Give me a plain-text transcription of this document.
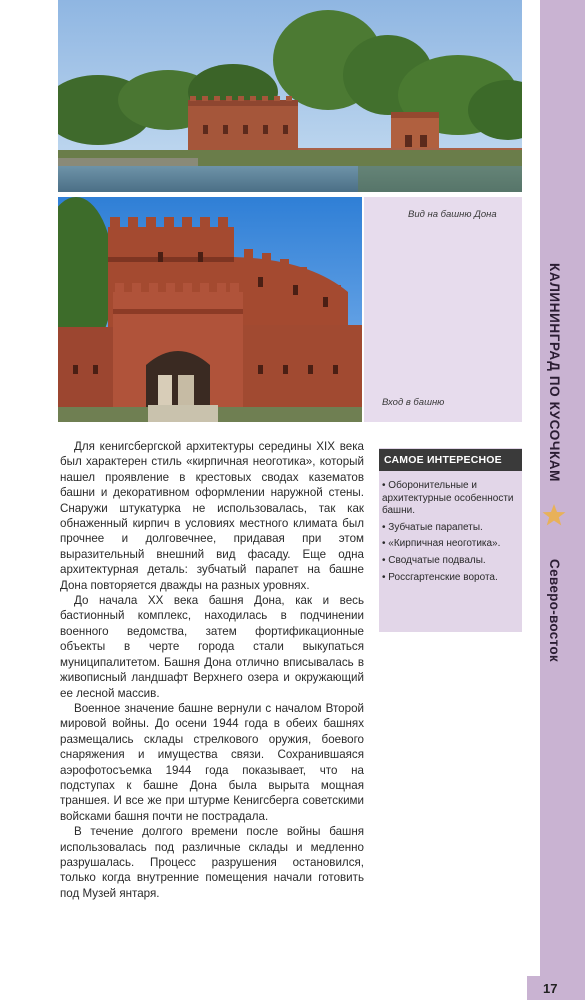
Вид на башню Дона
Вход в башню	КАЛИНИНГРАД ПО КУСОЧКАМ
Северо-восток

Для кенигсбергской архитектуры середины XIX века был характерен стиль «кирпичная неоготика», который нашел проявление в крестовых сводах казематов башни и декоративном оформлении наружной стены. Снаружи штукатурка не использовалась, так как обнаженный кирпич в условиях местного климата был прочнее и долговечнее, придавая при этом выразительный внешний вид фасаду. Еще одна архитектурная деталь: зубчатый парапет на башне Дона повторяется дважды на разных уровнях.

До начала XX века башня Дона, как и весь бастионный комплекс, находилась в подчинении военного ведомства, затем фортификационные объекты в черте города стали выкупаться муниципалитетом. Башня Дона отлично вписывалась в живописный ландшафт Верхнего озера и окружающий ее лесной массив.

Военное значение башне вернули с началом Второй мировой войны. До осени 1944 года в обеих башнях размещались склады стрелкового оружия, боевого снаряжения и имущества связи. Сохранившаяся аэрофотосъемка 1944 года показывает, что на подступах к башне Дона была вырыта мощная траншея. И все же при штурме Кенигсберга советскими войсками башня почти не пострадала.

В течение долгого времени после войны башня использовалась под различные склады и медленно разрушалась. Процесс разрушения остановился, только когда внутренние помещения начали готовить под Музей янтаря.

САМОЕ ИНТЕРЕСНОЕ
• Оборонительные и архитектурные особенности башни.
• Зубчатые парапеты.
• «Кирпичная неоготика».
• Сводчатые подвалы.
• Россгартенские ворота.
17
